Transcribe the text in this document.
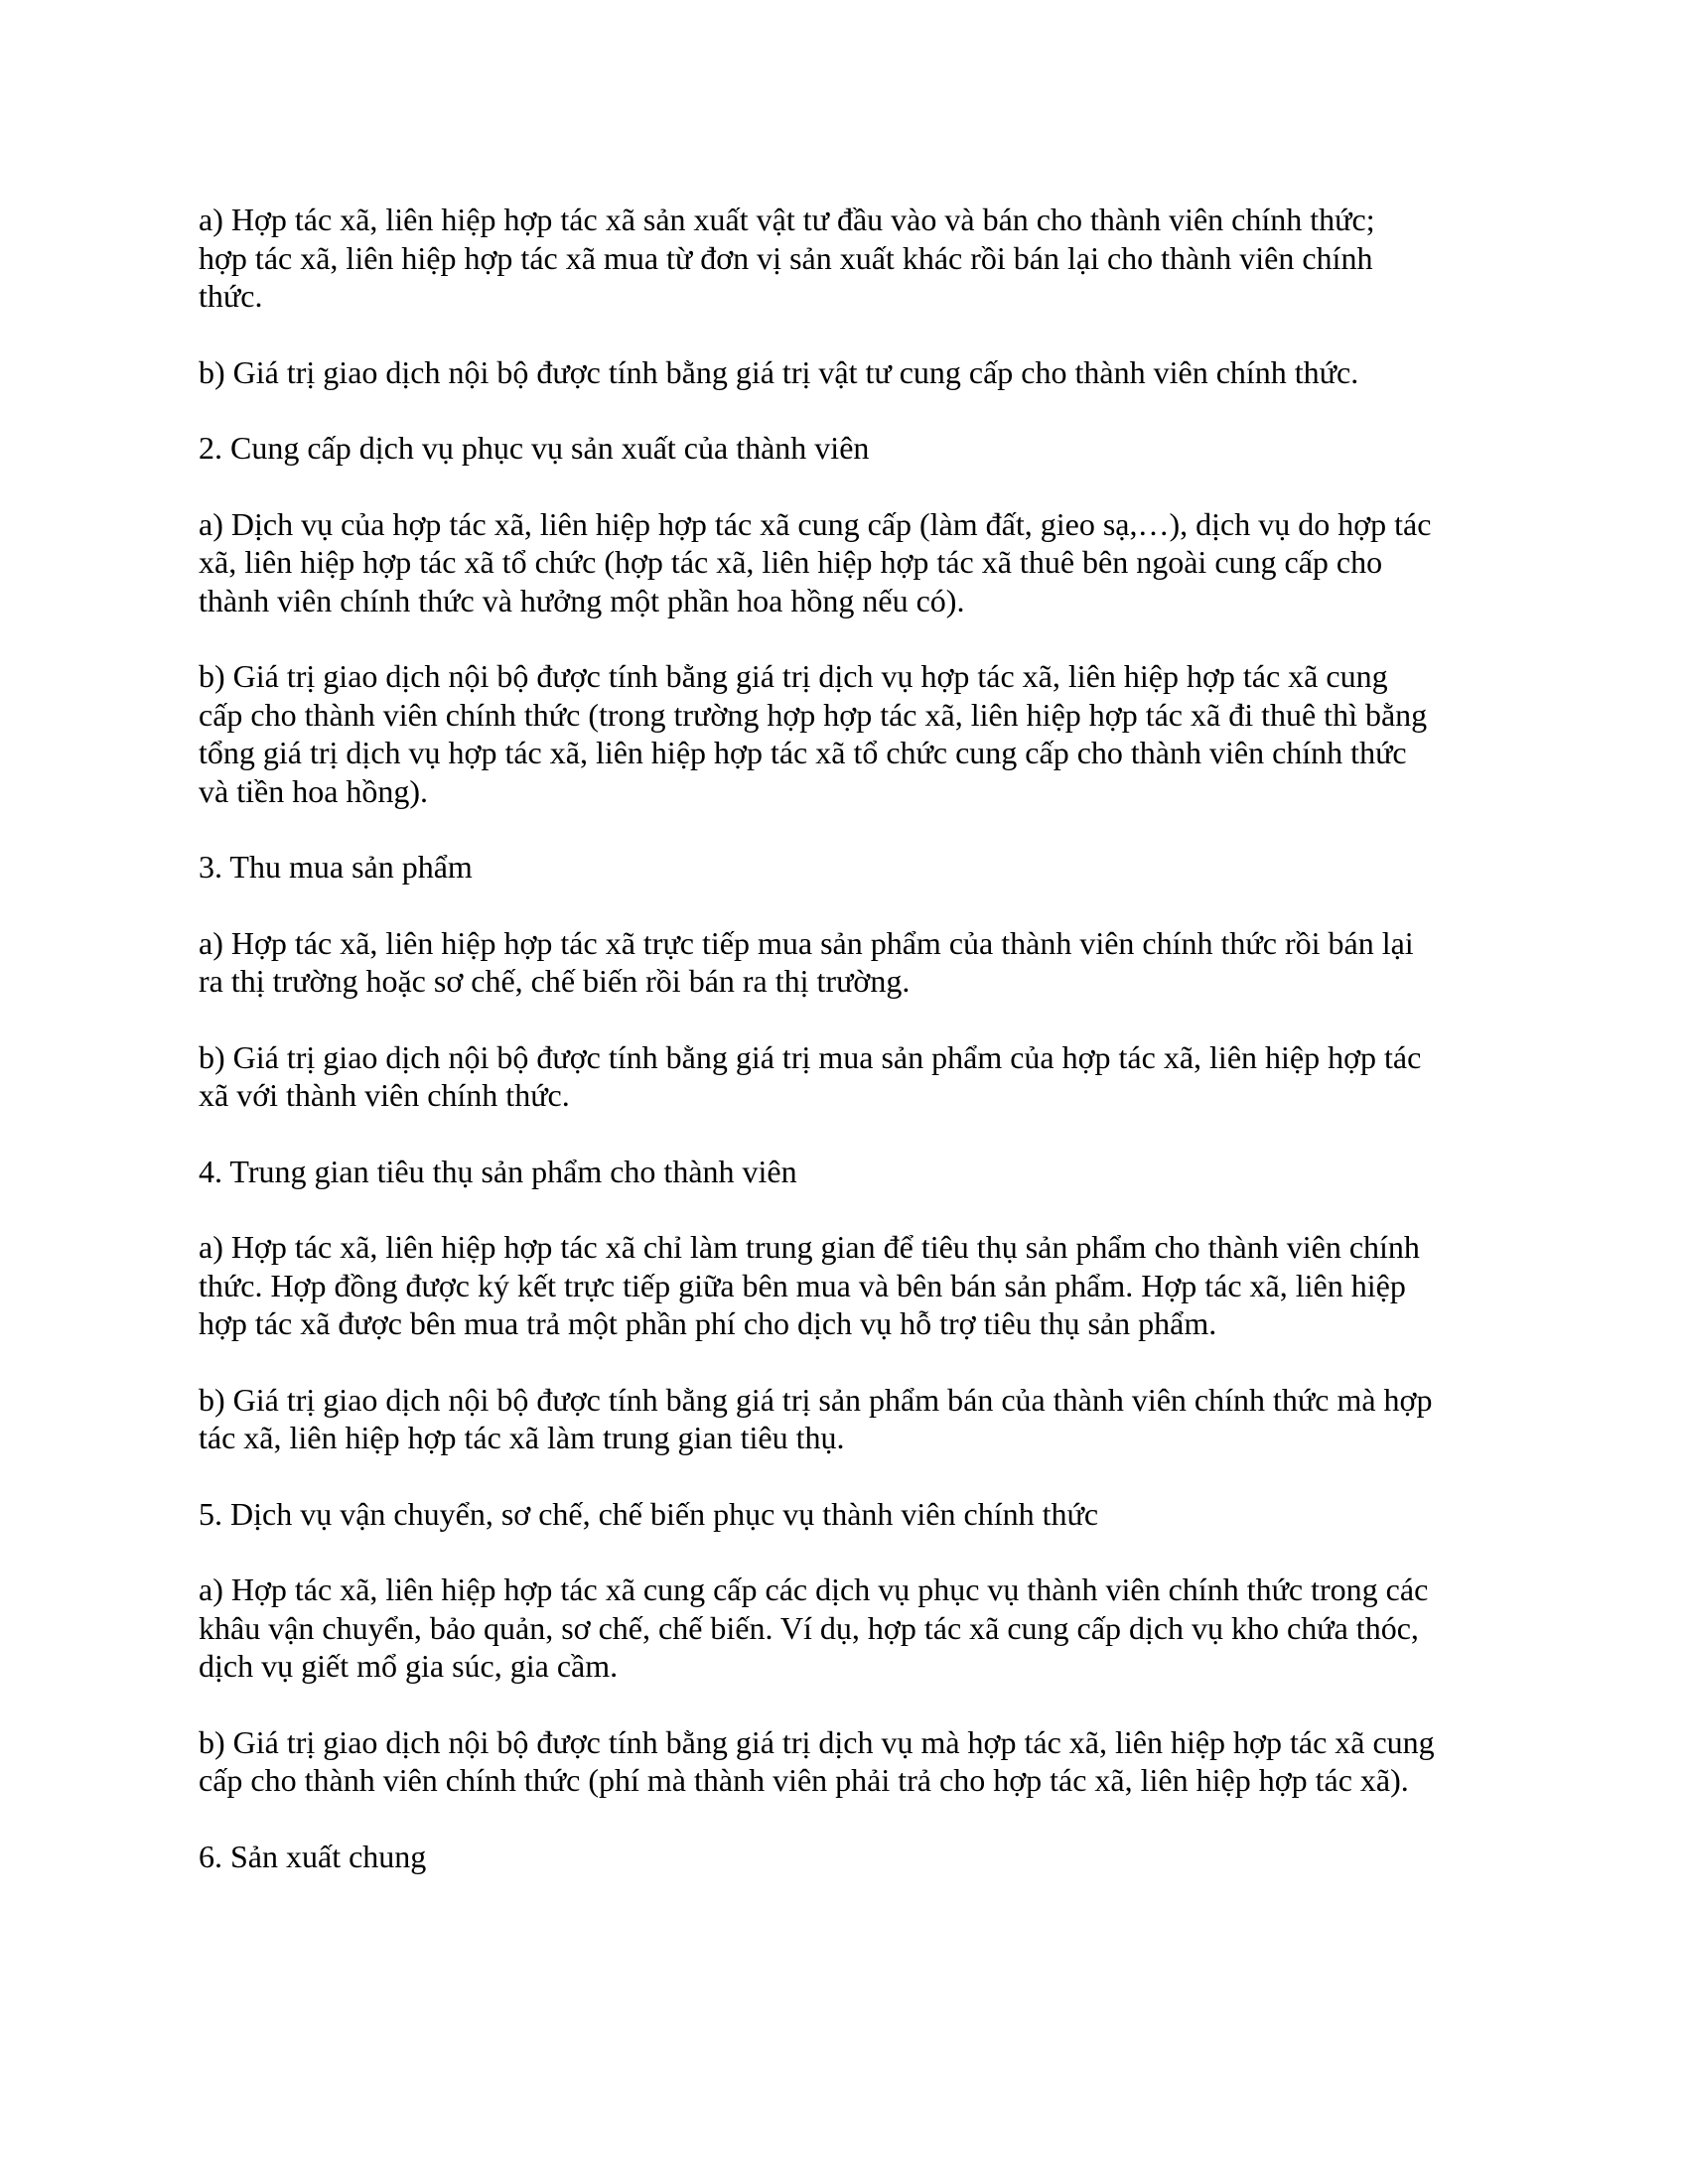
a) Hợp tác xã, liên hiệp hợp tác xã sản xuất vật tư đầu vào và bán cho thành viên chính thức;
hợp tác xã, liên hiệp hợp tác xã mua từ đơn vị sản xuất khác rồi bán lại cho thành viên chính
thức.

b) Giá trị giao dịch nội bộ được tính bằng giá trị vật tư cung cấp cho thành viên chính thức.

2. Cung cấp dịch vụ phục vụ sản xuất của thành viên

a) Dịch vụ của hợp tác xã, liên hiệp hợp tác xã cung cấp (làm đất, gieo sạ,…), dịch vụ do hợp tác
xã, liên hiệp hợp tác xã tổ chức (hợp tác xã, liên hiệp hợp tác xã thuê bên ngoài cung cấp cho
thành viên chính thức và hưởng một phần hoa hồng nếu có).

b) Giá trị giao dịch nội bộ được tính bằng giá trị dịch vụ hợp tác xã, liên hiệp hợp tác xã cung
cấp cho thành viên chính thức (trong trường hợp hợp tác xã, liên hiệp hợp tác xã đi thuê thì bằng
tổng giá trị dịch vụ hợp tác xã, liên hiệp hợp tác xã tổ chức cung cấp cho thành viên chính thức
và tiền hoa hồng).

3. Thu mua sản phẩm

a) Hợp tác xã, liên hiệp hợp tác xã trực tiếp mua sản phẩm của thành viên chính thức rồi bán lại
ra thị trường hoặc sơ chế, chế biến rồi bán ra thị trường.

b) Giá trị giao dịch nội bộ được tính bằng giá trị mua sản phẩm của hợp tác xã, liên hiệp hợp tác
xã với thành viên chính thức.

4. Trung gian tiêu thụ sản phẩm cho thành viên

a) Hợp tác xã, liên hiệp hợp tác xã chỉ làm trung gian để tiêu thụ sản phẩm cho thành viên chính
thức. Hợp đồng được ký kết trực tiếp giữa bên mua và bên bán sản phẩm. Hợp tác xã, liên hiệp
hợp tác xã được bên mua trả một phần phí cho dịch vụ hỗ trợ tiêu thụ sản phẩm.

b) Giá trị giao dịch nội bộ được tính bằng giá trị sản phẩm bán của thành viên chính thức mà hợp
tác xã, liên hiệp hợp tác xã làm trung gian tiêu thụ.

5. Dịch vụ vận chuyển, sơ chế, chế biến phục vụ thành viên chính thức

a) Hợp tác xã, liên hiệp hợp tác xã cung cấp các dịch vụ phục vụ thành viên chính thức trong các
khâu vận chuyển, bảo quản, sơ chế, chế biến. Ví dụ, hợp tác xã cung cấp dịch vụ kho chứa thóc,
dịch vụ giết mổ gia súc, gia cầm.

b) Giá trị giao dịch nội bộ được tính bằng giá trị dịch vụ mà hợp tác xã, liên hiệp hợp tác xã cung
cấp cho thành viên chính thức (phí mà thành viên phải trả cho hợp tác xã, liên hiệp hợp tác xã).

6. Sản xuất chung
